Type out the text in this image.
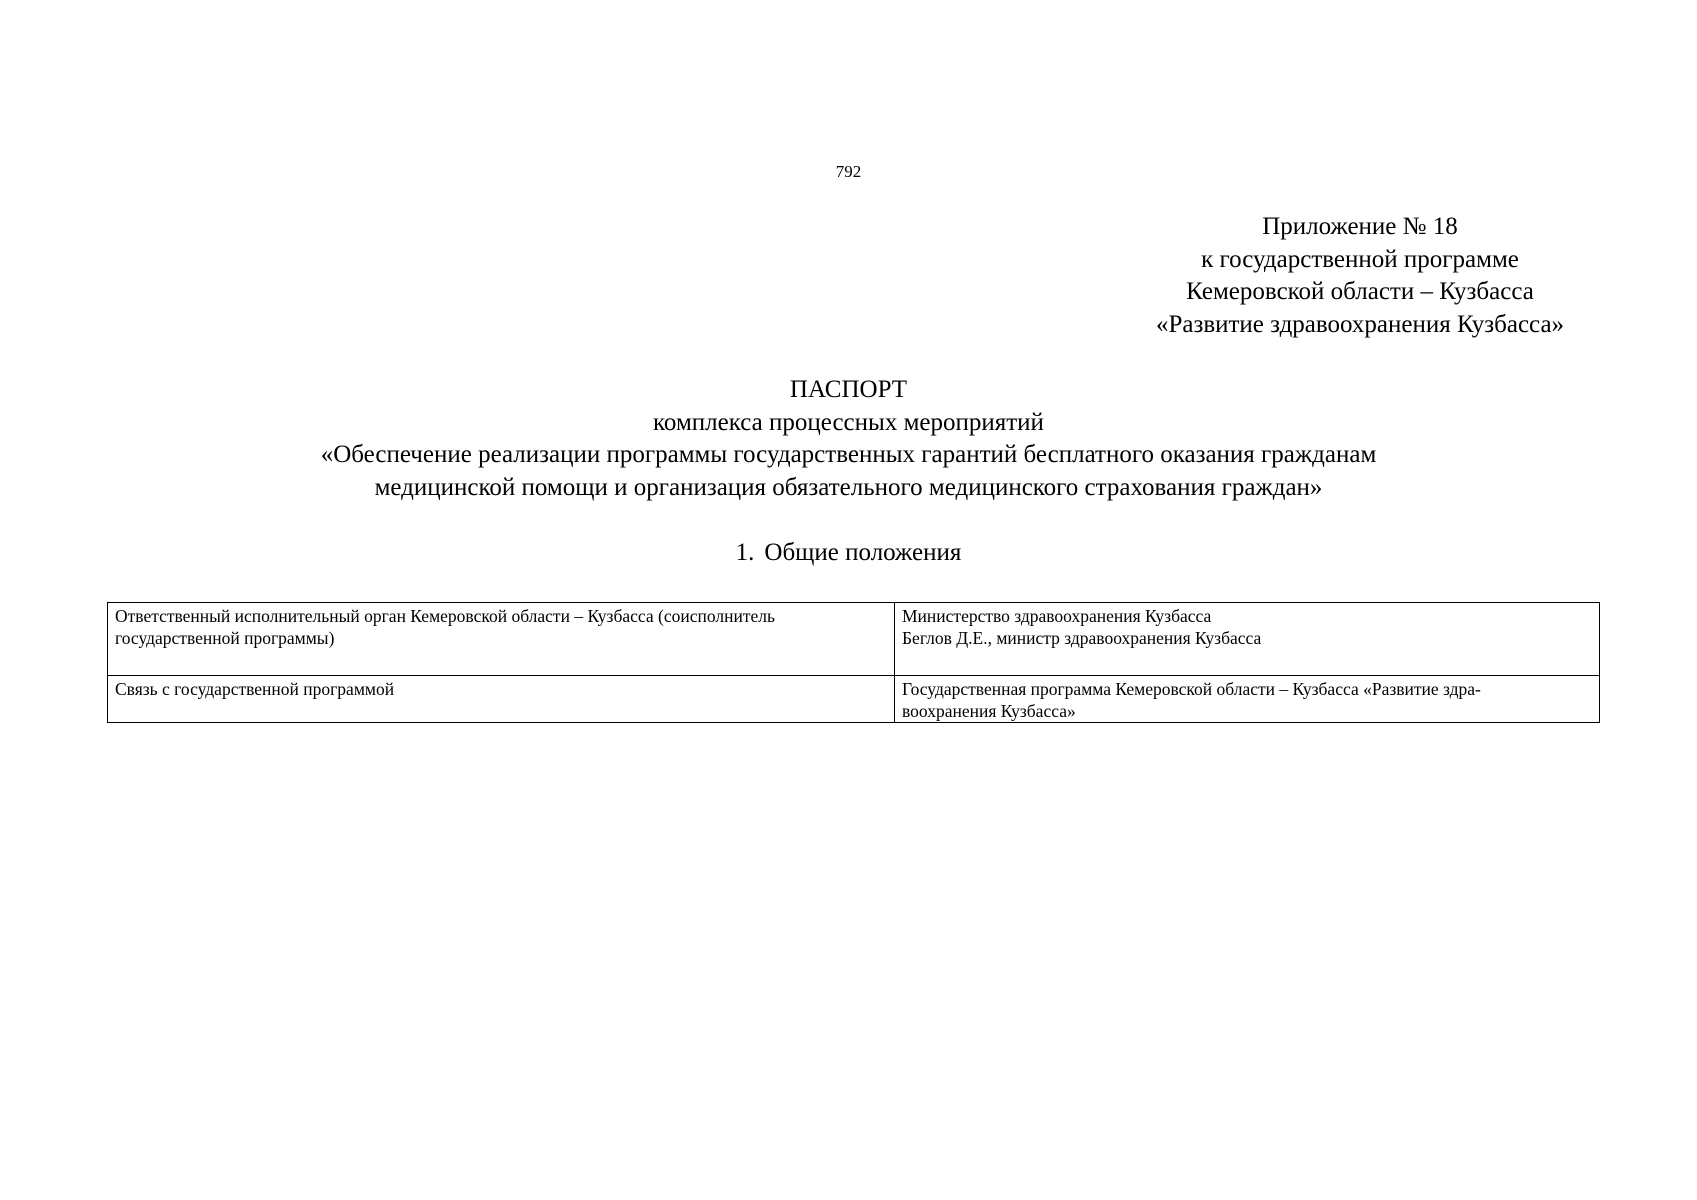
792
Приложение № 18
к государственной программе
Кемеровской области – Кузбасса
«Развитие здравоохранения Кузбасса»
ПАСПОРТ
комплекса процессных мероприятий
«Обеспечение реализации программы государственных гарантий бесплатного оказания гражданам
медицинской помощи и организация обязательного медицинского страхования граждан»
1. Общие положения
Ответственный исполнительный орган Кемеровской области – Кузбасса (соисполнитель
государственной программы)	Министерство здравоохранения Кузбасса
Беглов Д.Е., министр здравоохранения Кузбасса

Связь с государственной программой	Государственная программа Кемеровской области – Кузбасса «Развитие здра-
воохранения Кузбасса»
